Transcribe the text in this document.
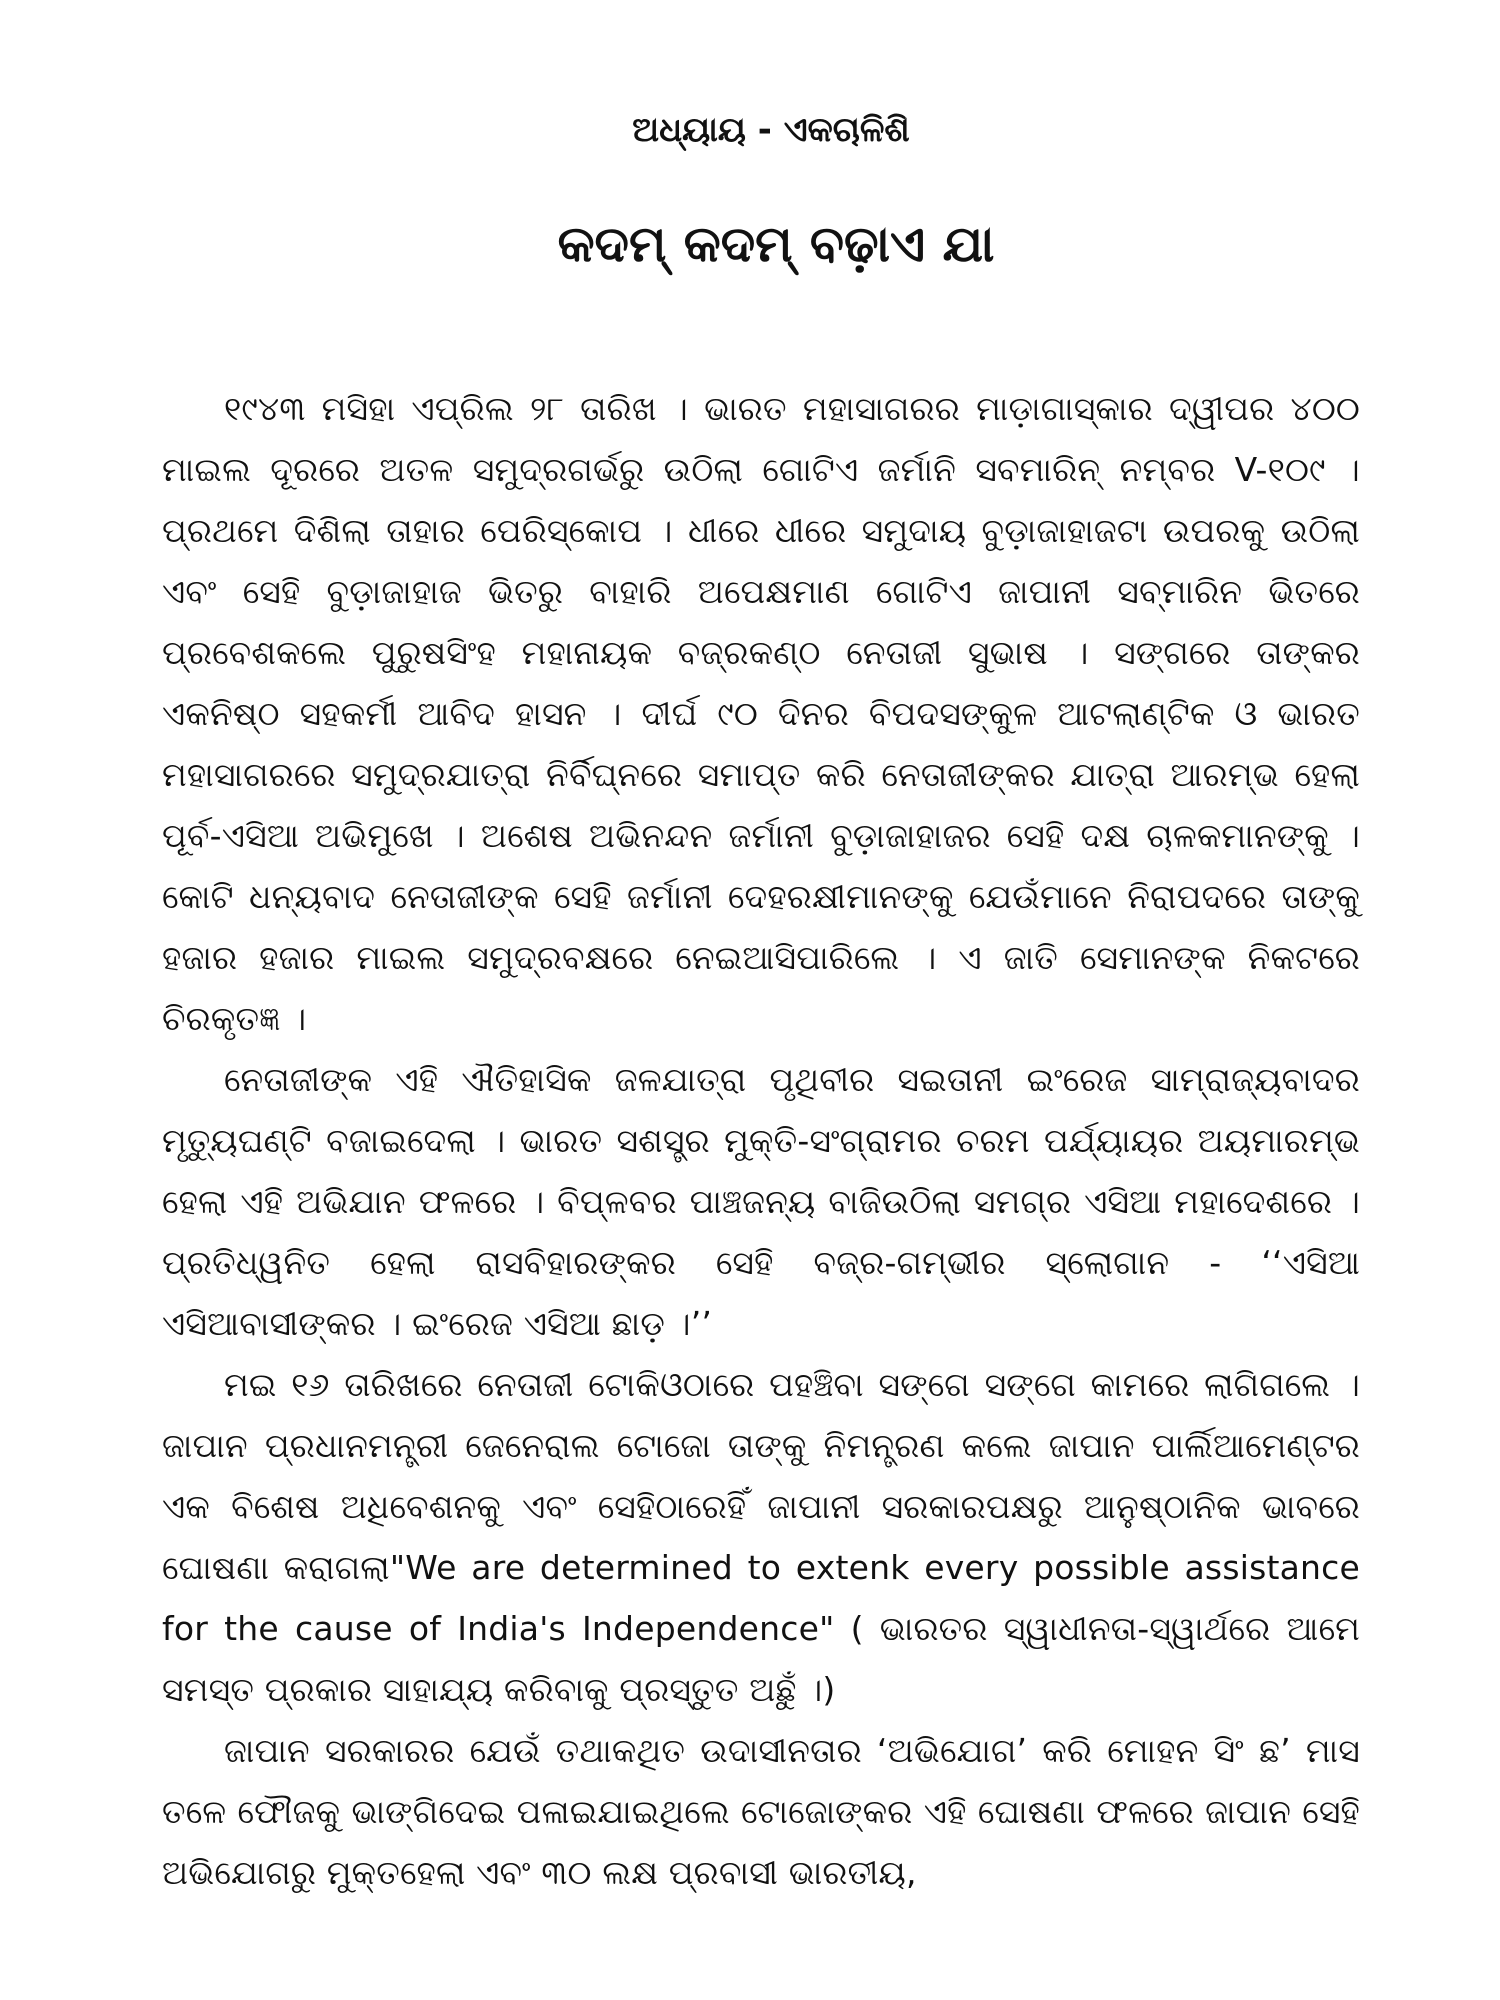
ଅଧ୍ୟାୟ - ଏକଚାଳିଶି
କଦମ୍ କଦମ୍ ବଢ଼ାଏ ଯା

୧୯୪୩ ମସିହା ଏପ୍ରିଲ ୨୮ ତାରିଖ । ଭାରତ ମହାସାଗରର ମାଡ଼ାଗାସ୍କାର ଦ୍ୱୀପର ୪୦୦ ମାଇଲ ଦୂରରେ ଅତଳ ସମୁଦ୍ରଗର୍ଭରୁ ଉଠିଲା ଗୋଟିଏ ଜର୍ମାନି ସବମାରିନ୍ ନମ୍ବର V-୧୦୯ । ପ୍ରଥମେ ଦିଶିଲା ତାହାର ପେରିସ୍କୋପ । ଧୀରେ ଧୀରେ ସମୁଦାୟ ବୁଡ଼ାଜାହାଜଟା ଉପରକୁ ଉଠିଲା ଏବଂ ସେହି ବୁଡ଼ାଜାହାଜ ଭିତରୁ ବାହାରି ଅପେକ୍ଷମାଣ ଗୋଟିଏ ଜାପାନୀ ସବ୍‌ମାରିନ ଭିତରେ ପ୍ରବେଶକଲେ ପୁରୁଷସିଂହ ମହାନାୟକ ବଜ୍ରକଣ୍ଠ ନେତାଜୀ ସୁଭାଷ । ସଙ୍ଗରେ ତାଙ୍କର ଏକନିଷ୍ଠ ସହକର୍ମୀ ଆବିଦ ହାସନ । ଦୀର୍ଘ ୯୦ ଦିନର ବିପଦସଙ୍କୁଳ ଆଟଲାଣ୍ଟିକ ଓ ଭାରତ ମହାସାଗରରେ ସମୁଦ୍ରଯାତ୍ରା ନିର୍ବିଘ୍ନରେ ସମାପ୍ତ କରି ନେତାଜୀଙ୍କର ଯାତ୍ରା ଆରମ୍ଭ ହେଲା ପୂର୍ବ-ଏସିଆ ଅଭିମୁଖେ । ଅଶେଷ ଅଭିନନ୍ଦନ ଜର୍ମାନୀ ବୁଡ଼ାଜାହାଜର ସେହି ଦକ୍ଷ ଚାଳକମାନଙ୍କୁ । କୋଟି ଧନ୍ୟବାଦ ନେତାଜୀଙ୍କ ସେହି ଜର୍ମାନୀ ଦେହରକ୍ଷୀମାନଙ୍କୁ ଯେଉଁମାନେ ନିରାପଦରେ ତାଙ୍କୁ ହଜାର ହଜାର ମାଇଲ ସମୁଦ୍ରବକ୍ଷରେ ନେଇଆସିପାରିଲେ । ଏ ଜାତି ସେମାନଙ୍କ ନିକଟରେ ଚିରକୃତଜ୍ଞ ।

ନେତାଜୀଙ୍କ ଏହି ଐତିହାସିକ ଜଳଯାତ୍ରା ପୃଥିବୀର ସଇତାନୀ ଇଂରେଜ ସାମ୍ରାଜ୍ୟବାଦର ମୃତ୍ୟୁଘଣ୍ଟି ବଜାଇଦେଲା । ଭାରତ ସଶସ୍ତ୍ର ମୁକ୍ତି-ସଂଗ୍ରାମର ଚରମ ପର୍ଯ୍ୟାୟର ଅୟମାରମ୍ଭ ହେଲା ଏହି ଅଭିଯାନ ଫଳରେ । ବିପ୍ଳବର ପାଞ୍ଚଜନ୍ୟ ବାଜିଉଠିଲା ସମଗ୍ର ଏସିଆ ମହାଦେଶରେ । ପ୍ରତିଧ୍ୱନିତ ହେଲା ରାସବିହାରଙ୍କର ସେହି ବଜ୍ର-ଗମ୍ଭୀର ସ୍ଲୋଗାନ - ‘‘ଏସିଆ ଏସିଆବାସୀଙ୍କର । ଇଂରେଜ ଏସିଆ ଛାଡ଼ ।’’

ମଇ ୧୬ ତାରିଖରେ ନେତାଜୀ ଟୋକିଓଠାରେ ପହଞ୍ଚିବା ସଙ୍ଗେ ସଙ୍ଗେ କାମରେ ଲାଗିଗଲେ । ଜାପାନ ପ୍ରଧାନମନ୍ତ୍ରୀ ଜେନେରାଲ ଟୋଜୋ ତାଙ୍କୁ ନିମନ୍ତ୍ରଣ କଲେ ଜାପାନ ପାର୍ଲିଆମେଣ୍ଟର ଏକ ବିଶେଷ ଅଧିବେଶନକୁ ଏବଂ ସେହିଠାରେହିଁ ଜାପାନୀ ସରକାରପକ୍ଷରୁ ଆନୁଷ୍ଠାନିକ ଭାବରେ ଘୋଷଣା କରାଗଲା"We are determined to extenk every possible assistance for the cause of India's Independence" ( ଭାରତର ସ୍ୱାଧୀନତା-ସ୍ୱାର୍ଥରେ ଆମେ ସମସ୍ତ ପ୍ରକାର ସାହାଯ୍ୟ କରିବାକୁ ପ୍ରସ୍ତୁତ ଅଛୁଁ ।)

ଜାପାନ ସରକାରର ଯେଉଁ ତଥାକଥିତ ଉଦାସୀନତାର ‘ଅଭିଯୋଗ’ କରି ମୋହନ ସିଂ ଛ’ ମାସ ତଳେ ଫୌଜକୁ ଭାଙ୍ଗିଦେଇ ପଳାଇଯାଇଥିଲେ ଟୋଜୋଙ୍କର ଏହି ଘୋଷଣା ଫଳରେ ଜାପାନ ସେହି ଅଭିଯୋଗରୁ ମୁକ୍ତହେଲା ଏବଂ ୩୦ ଲକ୍ଷ ପ୍ରବାସୀ ଭାରତୀୟ,
